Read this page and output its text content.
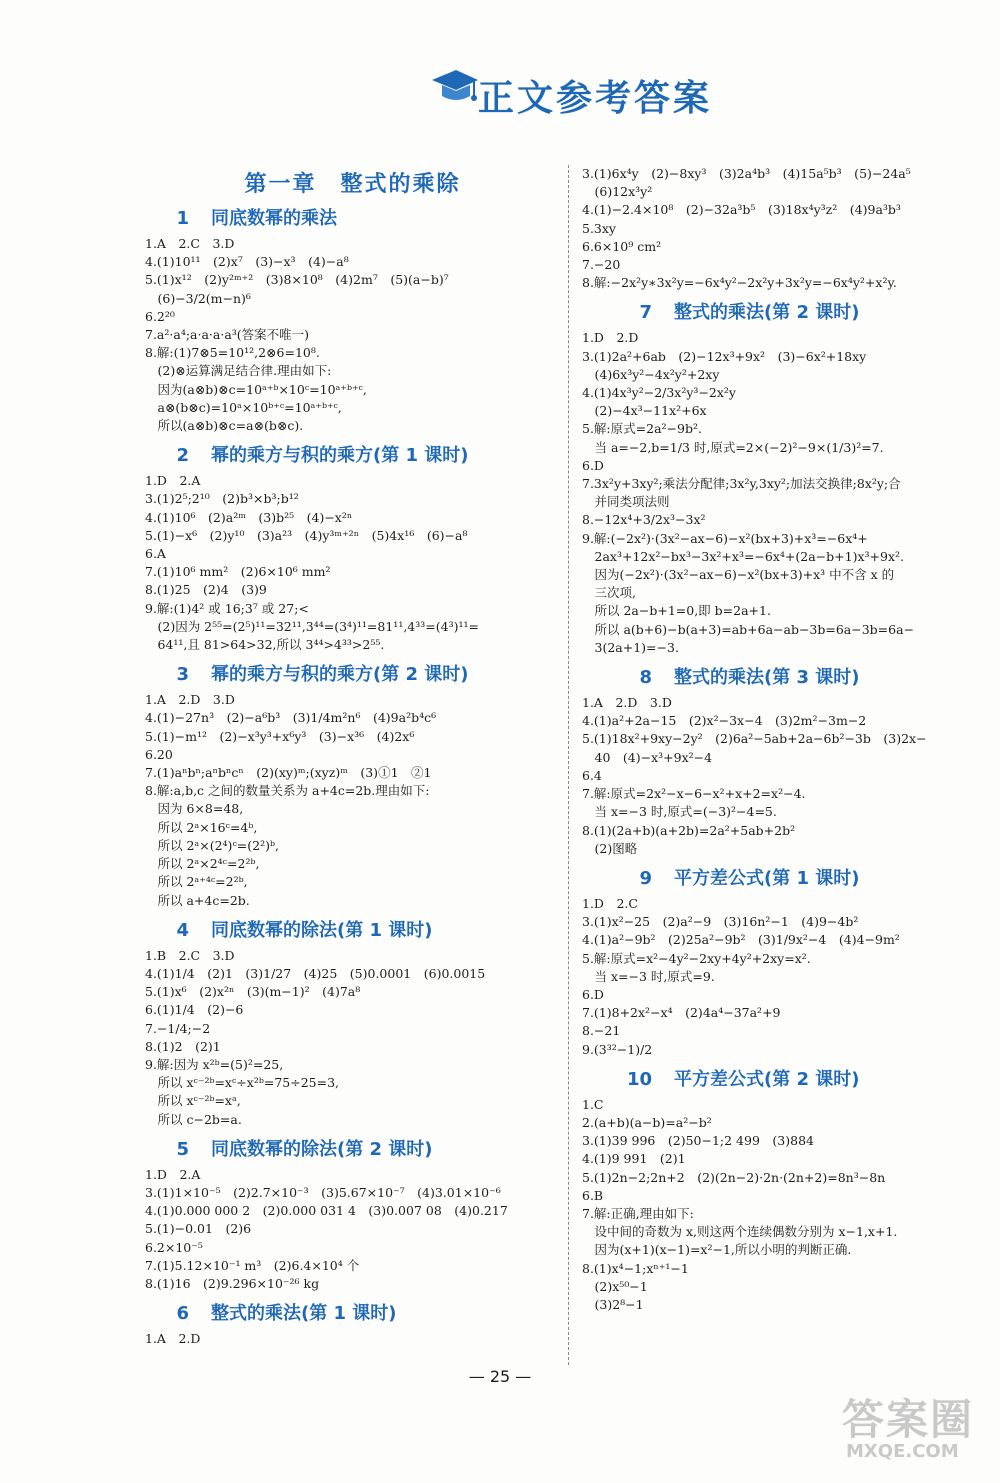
正文参考答案
第一章　整式的乘除
1 同底数幂的乘法
1.A　2.C　3.D
4.(1)10¹¹　(2)x⁷　(3)−x³　(4)−a⁸
5.(1)x¹²　(2)y²ᵐ⁺²　(3)8×10⁸　(4)2m⁷　(5)(a−b)⁷
　(6)−3/2(m−n)⁶
6.2²⁰
7.a²·a⁴;a·a·a·a³(答案不唯一)
8.解:(1)7⊗5=10¹²,2⊗6=10⁸.
　(2)⊗运算满足结合律.理由如下:
　因为(a⊗b)⊗c=10ᵃ⁺ᵇ×10ᶜ=10ᵃ⁺ᵇ⁺ᶜ,
　a⊗(b⊗c)=10ᵃ×10ᵇ⁺ᶜ=10ᵃ⁺ᵇ⁺ᶜ,
　所以(a⊗b)⊗c=a⊗(b⊗c).
2 幂的乘方与积的乘方(第 1 课时)
1.D　2.A
3.(1)2⁵;2¹⁰　(2)b³×b³;b¹²
4.(1)10⁶　(2)a²ᵐ　(3)b²⁵　(4)−x²ⁿ
5.(1)−x⁶　(2)y¹⁰　(3)a²³　(4)y³ᵐ⁺²ⁿ　(5)4x¹⁶　(6)−a⁸
6.A
7.(1)10⁶ mm²　(2)6×10⁶ mm²
8.(1)25　(2)4　(3)9
9.解:(1)4² 或 16;3⁷ 或 27;<
　(2)因为 2⁵⁵=(2⁵)¹¹=32¹¹,3⁴⁴=(3⁴)¹¹=81¹¹,4³³=(4³)¹¹=
　64¹¹,且 81>64>32,所以 3⁴⁴>4³³>2⁵⁵.
3 幂的乘方与积的乘方(第 2 课时)
1.A　2.D　3.D
4.(1)−27n³　(2)−a⁶b³　(3)1/4m²n⁶　(4)9a²b⁴c⁶
5.(1)−m¹²　(2)−x³y³+x⁶y³　(3)−x³⁶　(4)2x⁶
6.20
7.(1)aⁿbⁿ;aⁿbⁿcⁿ　(2)(xy)ᵐ;(xyz)ᵐ　(3)①1　②1
8.解:a,b,c 之间的数量关系为 a+4c=2b.理由如下:
　因为 6×8=48,
　所以 2ᵃ×16ᶜ=4ᵇ,
　所以 2ᵃ×(2⁴)ᶜ=(2²)ᵇ,
　所以 2ᵃ×2⁴ᶜ=2²ᵇ,
　所以 2ᵃ⁺⁴ᶜ=2²ᵇ,
　所以 a+4c=2b.
4 同底数幂的除法(第 1 课时)
1.B　2.C　3.D
4.(1)1/4　(2)1　(3)1/27　(4)25　(5)0.0001　(6)0.0015
5.(1)x⁶　(2)x²ⁿ　(3)(m−1)²　(4)7a⁸
6.(1)1/4　(2)−6
7.−1/4;−2
8.(1)2　(2)1
9.解:因为 x²ᵇ=(5)²=25,
　所以 xᶜ⁻²ᵇ=xᶜ÷x²ᵇ=75÷25=3,
　所以 xᶜ⁻²ᵇ=xᵃ,
　所以 c−2b=a.
5 同底数幂的除法(第 2 课时)
1.D　2.A
3.(1)1×10⁻⁵　(2)2.7×10⁻³　(3)5.67×10⁻⁷　(4)3.01×10⁻⁶
4.(1)0.000 000 2　(2)0.000 031 4　(3)0.007 08　(4)0.217
5.(1)−0.01　(2)6
6.2×10⁻⁵
7.(1)5.12×10⁻¹ m³　(2)6.4×10⁴ 个
8.(1)16　(2)9.296×10⁻²⁶ kg
6 整式的乘法(第 1 课时)
1.A　2.D
3.(1)6x⁴y　(2)−8xy³　(3)2a⁴b³　(4)15a⁵b³　(5)−24a⁵
　(6)12x³y²
4.(1)−2.4×10⁸　(2)−32a³b⁵　(3)18x⁴y³z²　(4)9a³b³
5.3xy
6.6×10⁹ cm²
7.−20
8.解:−2x²y∗3x²y=−6x⁴y²−2x²y+3x²y=−6x⁴y²+x²y.
7 整式的乘法(第 2 课时)
1.D　2.D
3.(1)2a²+6ab　(2)−12x³+9x²　(3)−6x²+18xy
　(4)6x³y²−4x²y²+2xy
4.(1)4x³y²−2/3x²y³−2x²y
　(2)−4x³−11x²+6x
5.解:原式=2a²−9b².
　当 a=−2,b=1/3 时,原式=2×(−2)²−9×(1/3)²=7.
6.D
7.3x²y+3xy²;乘法分配律;3x²y,3xy²;加法交换律;8x²y;合
　并同类项法则
8.−12x⁴+3/2x³−3x²
9.解:(−2x²)·(3x²−ax−6)−x²(bx+3)+x³=−6x⁴+
　2ax³+12x²−bx³−3x²+x³=−6x⁴+(2a−b+1)x³+9x².
　因为(−2x²)·(3x²−ax−6)−x²(bx+3)+x³ 中不含 x 的
　三次项,
　所以 2a−b+1=0,即 b=2a+1.
　所以 a(b+6)−b(a+3)=ab+6a−ab−3b=6a−3b=6a−
　3(2a+1)=−3.
8 整式的乘法(第 3 课时)
1.A　2.D　3.D
4.(1)a²+2a−15　(2)x²−3x−4　(3)2m²−3m−2
5.(1)18x²+9xy−2y²　(2)6a²−5ab+2a−6b²−3b　(3)2x−
　40　(4)−x³+9x²−4
6.4
7.解:原式=2x²−x−6−x²+x+2=x²−4.
　当 x=−3 时,原式=(−3)²−4=5.
8.(1)(2a+b)(a+2b)=2a²+5ab+2b²
　(2)图略
9 平方差公式(第 1 课时)
1.D　2.C
3.(1)x²−25　(2)a²−9　(3)16n²−1　(4)9−4b²
4.(1)a²−9b²　(2)25a²−9b²　(3)1/9x²−4　(4)4−9m²
5.解:原式=x²−4y²−2xy+4y²+2xy=x².
　当 x=−3 时,原式=9.
6.D
7.(1)8+2x²−x⁴　(2)4a⁴−37a²+9
8.−21
9.(3³²−1)/2
10 平方差公式(第 2 课时)
1.C
2.(a+b)(a−b)=a²−b²
3.(1)39 996　(2)50−1;2 499　(3)884
4.(1)9 991　(2)1
5.(1)2n−2;2n+2　(2)(2n−2)·2n·(2n+2)=8n³−8n
6.B
7.解:正确,理由如下:
　设中间的奇数为 x,则这两个连续偶数分别为 x−1,x+1.
　因为(x+1)(x−1)=x²−1,所以小明的判断正确.
8.(1)x⁴−1;xⁿ⁺¹−1
　(2)x⁵⁰−1
　(3)2⁸−1
— 25 —
答案圈
MXQE.COM
